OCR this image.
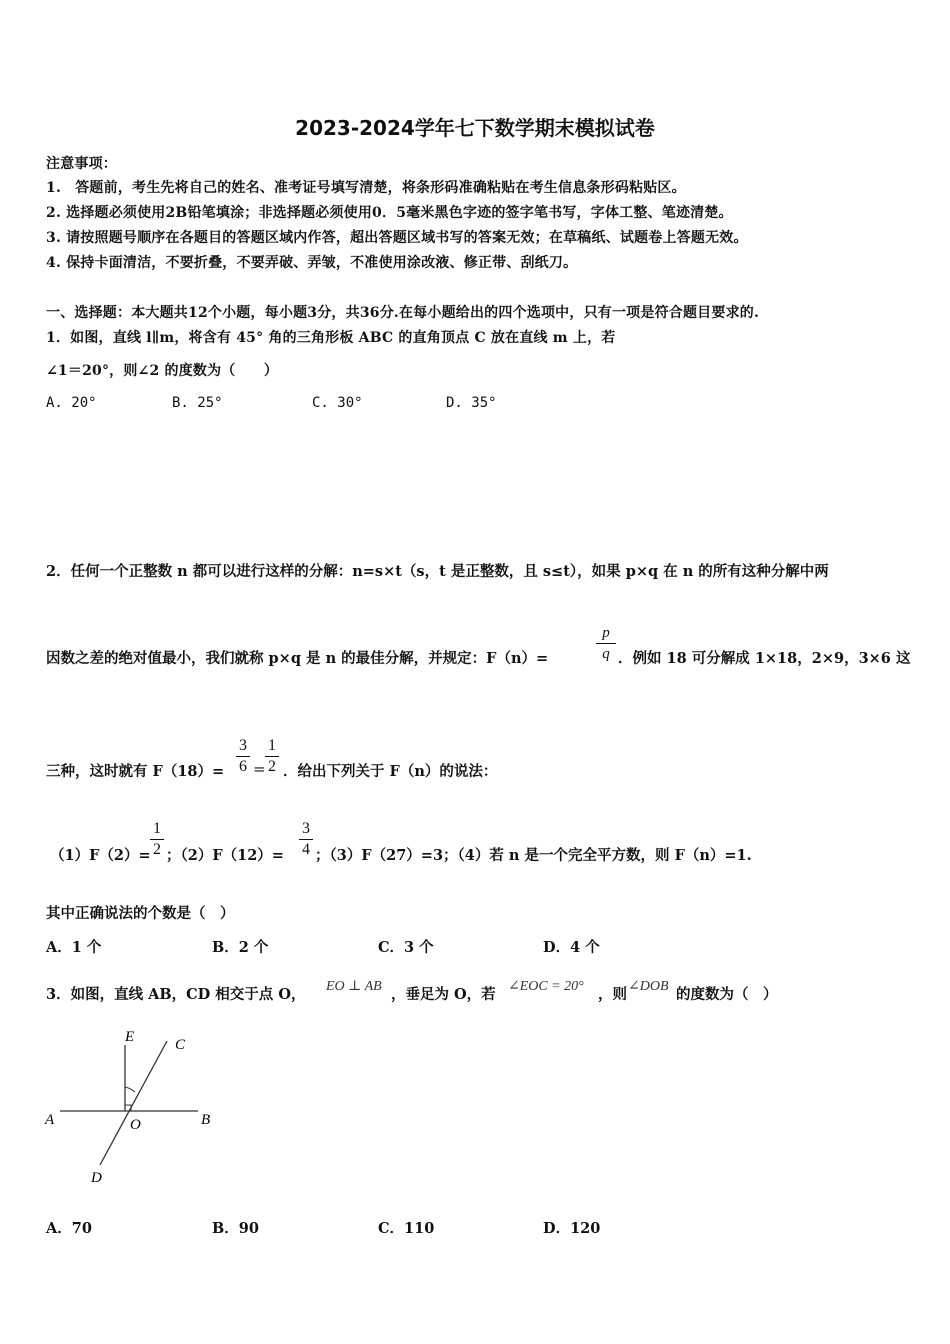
2023-2024学年七下数学期末模拟试卷
注意事项：
1.　答题前，考生先将自己的姓名、准考证号填写清楚，将条形码准确粘贴在考生信息条形码粘贴区。
2. 选择题必须使用2B铅笔填涂；非选择题必须使用0．5毫米黑色字迹的签字笔书写，字体工整、笔迹清楚。
3. 请按照题号顺序在各题目的答题区域内作答，超出答题区域书写的答案无效；在草稿纸、试题卷上答题无效。
4. 保持卡面清洁，不要折叠，不要弄破、弄皱，不准使用涂改液、修正带、刮纸刀。
一、选择题：本大题共12个小题，每小题3分，共36分.在每小题给出的四个选项中，只有一项是符合题目要求的.
1．如图，直线 l∥m，将含有 45° 角的三角形板 ABC 的直角顶点 C 放在直线 m 上，若
∠1＝20°，则∠2 的度数为（　　）
A. 20°	B. 25°	C. 30°	D. 35°
2．任何一个正整数 n 都可以进行这样的分解：n=s×t（s，t 是正整数，且 s≤t），如果 p×q 在 n 的所有这种分解中两
因数之差的绝对值最小，我们就称 p×q 是 n 的最佳分解，并规定：F（n）=
p
q ．例如 18 可分解成 1×18，2×9，3×6 这
三种，这时就有 F（18）=
3
6 =
1
2 ．给出下列关于 F（n）的说法：
（1）F（2）=
1
2 ；（2）F（12）=
3
4 ；（3）F（27）=3；（4）若 n 是一个完全平方数，则 F（n）=1.
其中正确说法的个数是（　）
A．1 个	B．2 个	C．3 个	D．4 个
3．如图，直线 AB，CD 相交于点 O， EO ⊥ AB ，垂足为 O，若 ∠EOC = 20° ，则 ∠DOB 的度数为（　）
E	C
A	O	B
D
A．70	B．90	C．110	D．120
